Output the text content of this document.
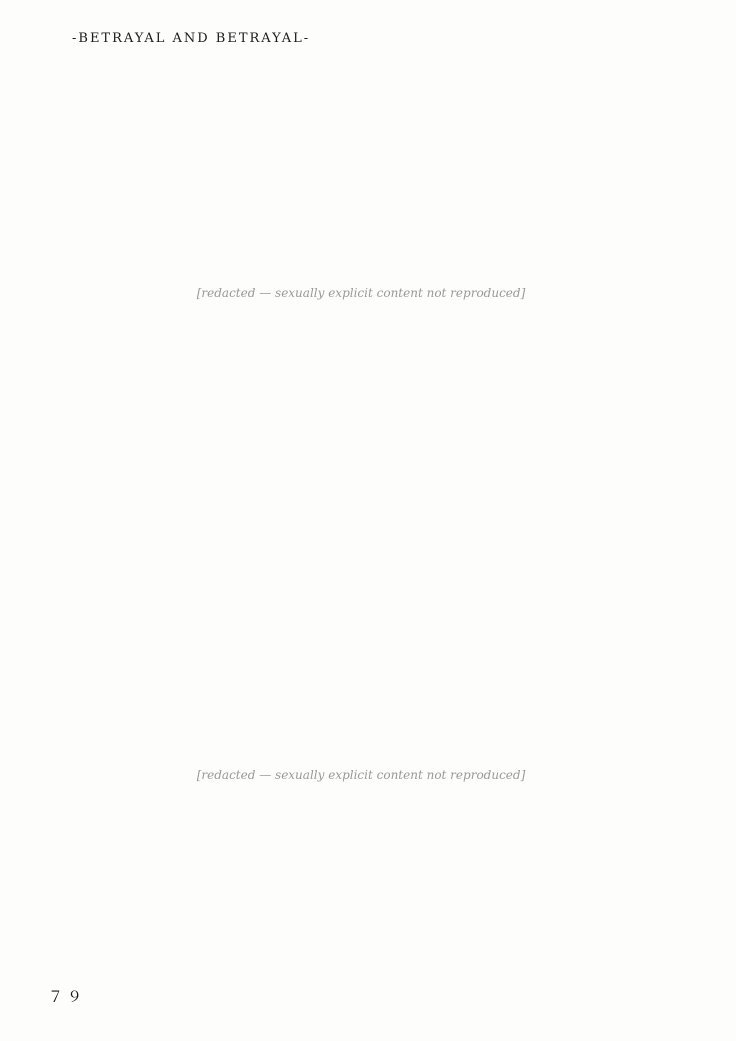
-BETRAYAL AND BETRAYAL-
[redacted — sexually explicit content not reproduced]
[redacted — sexually explicit content not reproduced]
７９
